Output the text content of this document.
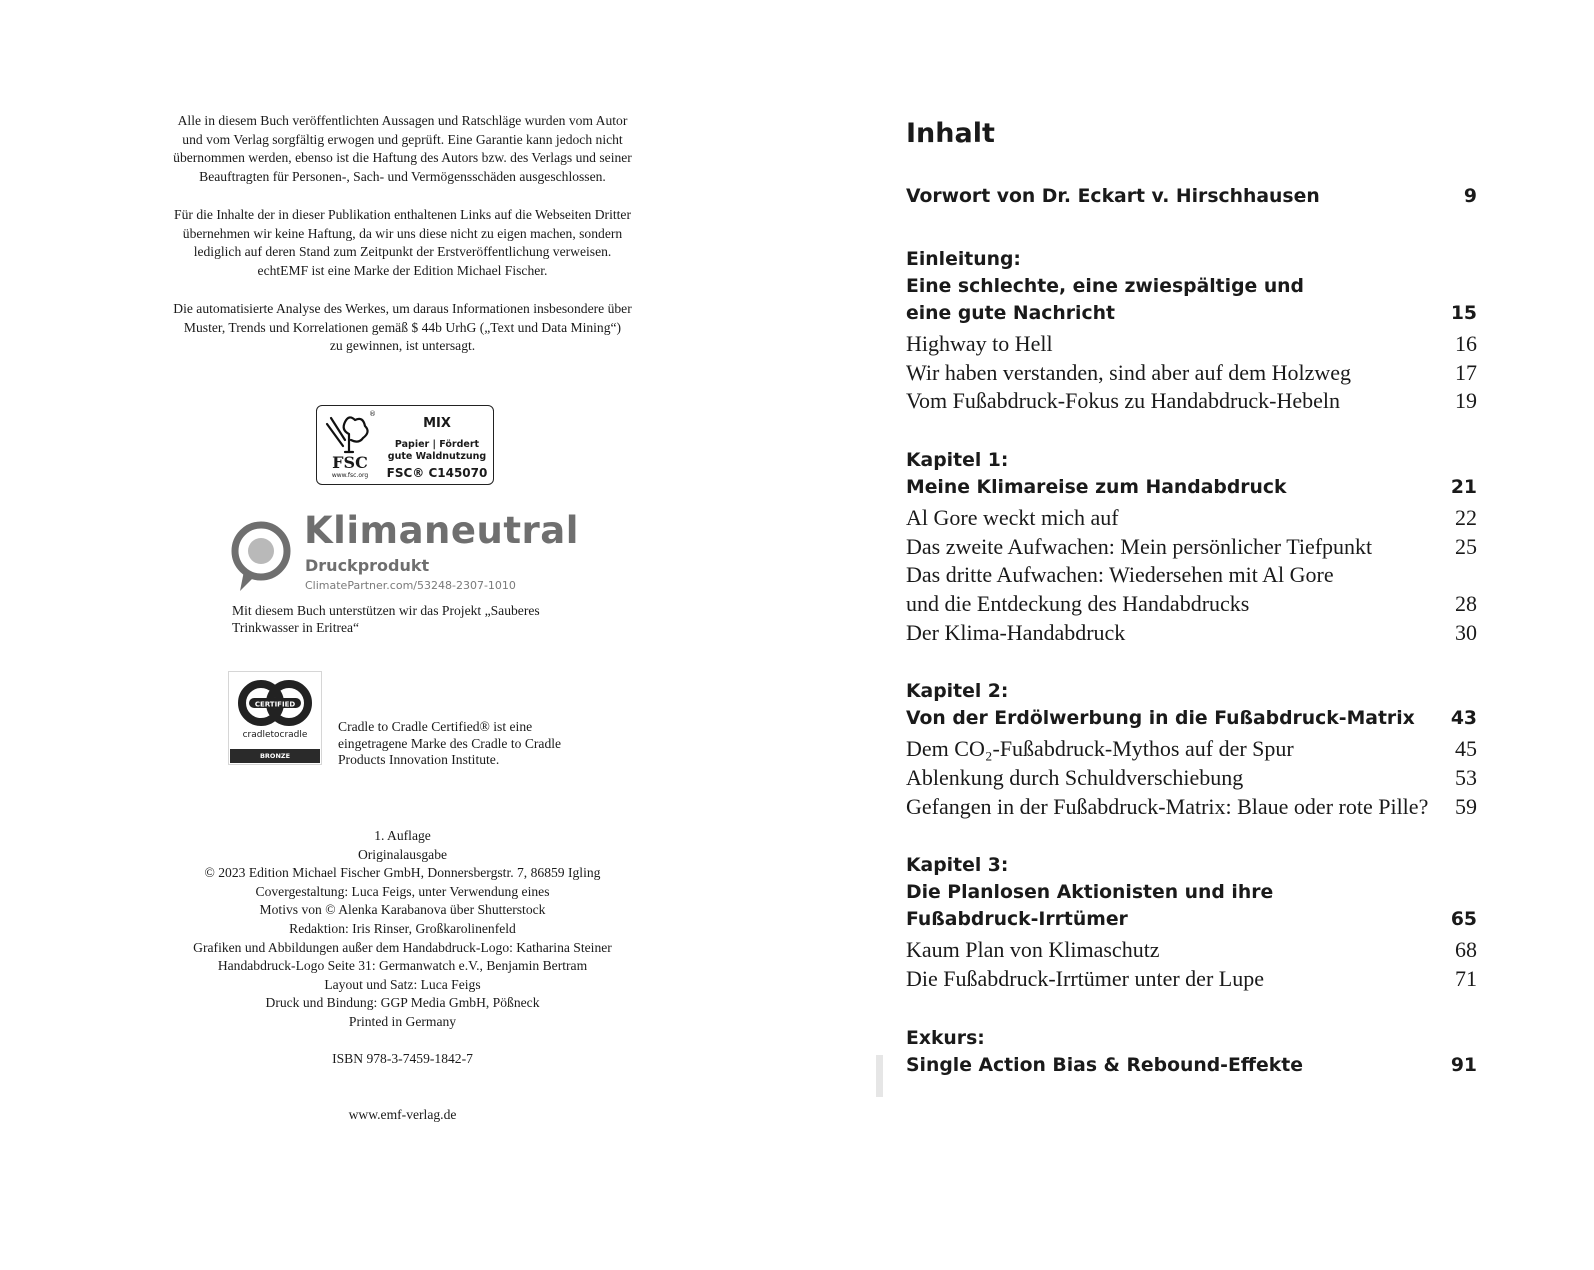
Alle in diesem Buch veröffentlichten Aussagen und Ratschläge wurden vom Autor
und vom Verlag sorgfältig erwogen und geprüft. Eine Garantie kann jedoch nicht
übernommen werden, ebenso ist die Haftung des Autors bzw. des Verlags und seiner
Beauftragten für Personen-, Sach- und Vermögensschäden ausgeschlossen.
Für die Inhalte der in dieser Publikation enthaltenen Links auf die Webseiten Dritter
übernehmen wir keine Haftung, da wir uns diese nicht zu eigen machen, sondern
lediglich auf deren Stand zum Zeitpunkt der Erstveröffentlichung verweisen.
echtEMF ist eine Marke der Edition Michael Fischer.
Die automatisierte Analyse des Werkes, um daraus Informationen insbesondere über
Muster, Trends und Korrelationen gemäß $ 44b UrhG („Text und Data Mining“)
zu gewinnen, ist untersagt.
®
FSC
www.fsc.org
MIX
Papier | Fördert
gute Waldnutzung
FSC® C145070
Klimaneutral
Druckprodukt
ClimatePartner.com/53248-2307-1010
Mit diesem Buch unterstützen wir das Projekt „Sauberes
Trinkwasser in Eritrea“
CERTIFIED
cradletocradle
BRONZE
Cradle to Cradle Certified® ist eine
eingetragene Marke des Cradle to Cradle
Products Innovation Institute.
1. Auflage
Originalausgabe
© 2023 Edition Michael Fischer GmbH, Donnersbergstr. 7, 86859 Igling
Covergestaltung: Luca Feigs, unter Verwendung eines
Motivs von © Alenka Karabanova über Shutterstock
Redaktion: Iris Rinser, Großkarolinenfeld
Grafiken und Abbildungen außer dem Handabdruck-Logo: Katharina Steiner
Handabdruck-Logo Seite 31: Germanwatch e.V., Benjamin Bertram
Layout und Satz: Luca Feigs
Druck und Bindung: GGP Media GmbH, Pößneck
Printed in Germany
ISBN 978-3-7459-1842-7
www.emf-verlag.de
Inhalt
Vorwort von Dr. Eckart v. Hirschhausen	9
Einleitung:
Eine schlechte, eine zwiespältige und
eine gute Nachricht	15
Highway to Hell	16
Wir haben verstanden, sind aber auf dem Holzweg	17
Vom Fußabdruck-Fokus zu Handabdruck-Hebeln	19
Kapitel 1:
Meine Klimareise zum Handabdruck	21
Al Gore weckt mich auf	22
Das zweite Aufwachen: Mein persönlicher Tiefpunkt	25
Das dritte Aufwachen: Wiedersehen mit Al Gore
und die Entdeckung des Handabdrucks	28
Der Klima-Handabdruck	30
Kapitel 2:
Von der Erdölwerbung in die Fußabdruck-Matrix 43
Dem CO₂-Fußabdruck-Mythos auf der Spur	45
Ablenkung durch Schuldverschiebung	53
Gefangen in der Fußabdruck-Matrix: Blaue oder rote Pille? 59
Kapitel 3:
Die Planlosen Aktionisten und ihre
Fußabdruck-Irrtümer	65
Kaum Plan von Klimaschutz	68
Die Fußabdruck-Irrtümer unter der Lupe	71
Exkurs:
Single Action Bias & Rebound-Effekte	91
